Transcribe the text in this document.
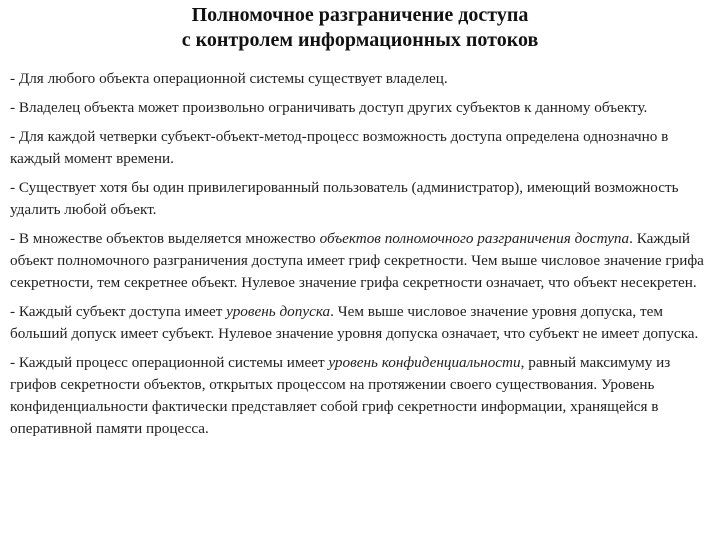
Полномочное разграничение доступа
с контролем информационных потоков

- Для любого объекта операционной системы существует владелец.

- Владелец объекта может произвольно ограничивать доступ других субъектов к данному объекту.

- Для каждой четверки субъект-объект-метод-процесс возможность доступа определена однозначно в каждый момент времени.

- Существует хотя бы один привилегированный пользователь (администратор), имеющий возможность удалить любой объект.

- В множестве объектов выделяется множество объектов полномочного разграничения доступа. Каждый объект полномочного разграничения доступа имеет гриф секретности. Чем выше числовое значение грифа секретности, тем секретнее объект. Нулевое значение грифа секретности означает, что объект несекретен.

- Каждый субъект доступа имеет уровень допуска. Чем выше числовое значение уровня допуска, тем больший допуск имеет субъект. Нулевое значение уровня допуска означает, что субъект не имеет допуска.

- Каждый процесс операционной системы имеет уровень конфиденциальности, равный максимуму из грифов секретности объектов, открытых процессом на протяжении своего существования. Уровень конфиденциальности фактически представляет собой гриф секретности информации, хранящейся в оперативной памяти процесса.
